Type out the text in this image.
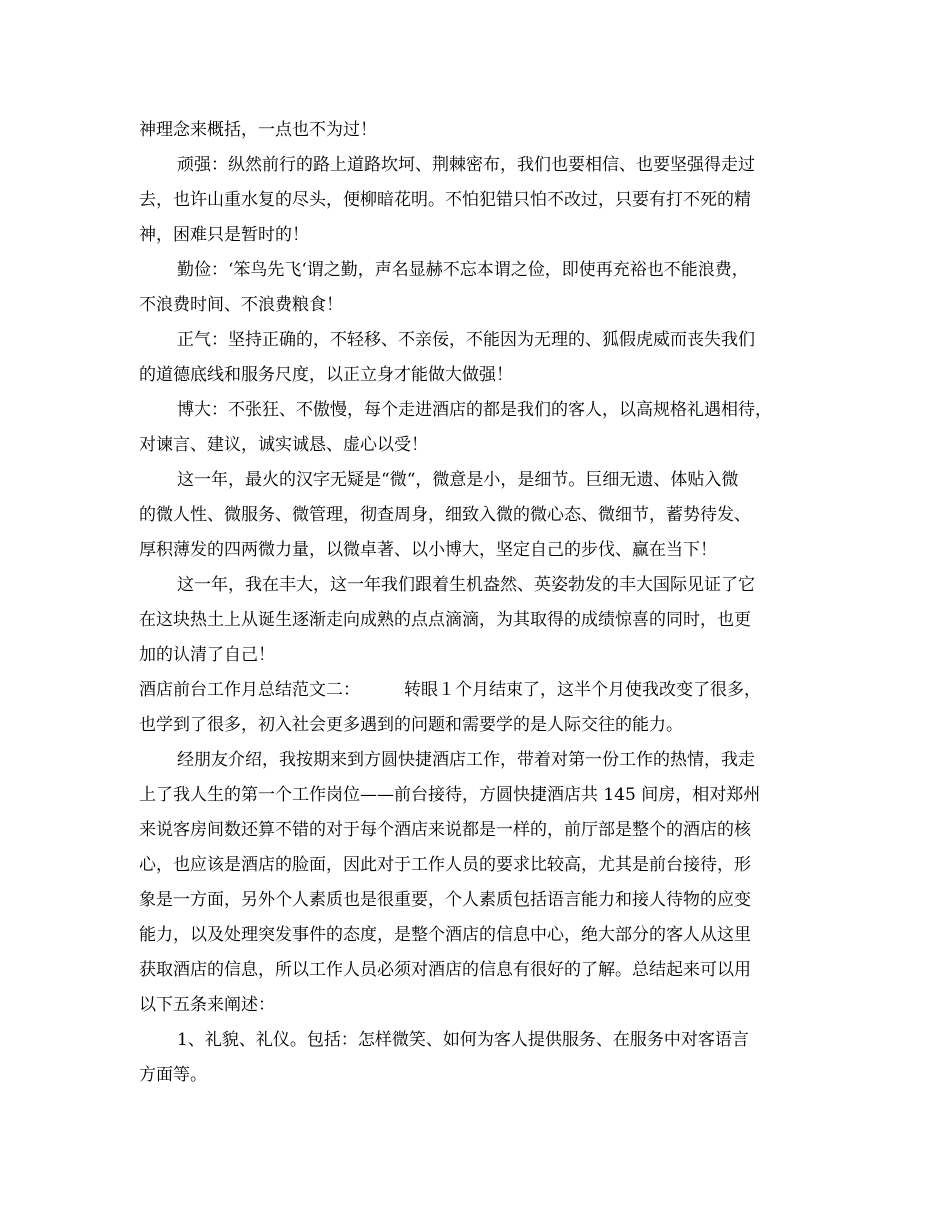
神理念来概括，一点也不为过！
顽强：纵然前行的路上道路坎坷、荆棘密布，我们也要相信、也要坚强得走过
去，也许山重水复的尽头，便柳暗花明。不怕犯错只怕不改过，只要有打不死的精
神，困难只是暂时的！
勤俭：‘笨鸟先飞‘谓之勤，声名显赫不忘本谓之俭，即使再充裕也不能浪费，
不浪费时间、不浪费粮食！
正气：坚持正确的，不轻移、不亲佞，不能因为无理的、狐假虎威而丧失我们
的道德底线和服务尺度，以正立身才能做大做强！
博大：不张狂、不傲慢，每个走进酒店的都是我们的客人，以高规格礼遇相待，
对谏言、建议，诚实诚恳、虚心以受！
这一年，最火的汉字无疑是“微“，微意是小，是细节。巨细无遗、体贴入微
的微人性、微服务、微管理，彻查周身，细致入微的微心态、微细节，蓄势待发、
厚积薄发的四两微力量，以微卓著、以小博大，坚定自己的步伐、赢在当下！
这一年，我在丰大，这一年我们跟着生机盎然、英姿勃发的丰大国际见证了它
在这块热土上从诞生逐渐走向成熟的点点滴滴，为其取得的成绩惊喜的同时，也更
加的认清了自己！
酒店前台工作月总结范文二：	转眼１个月结束了，这半个月使我改变了很多，
也学到了很多，初入社会更多遇到的问题和需要学的是人际交往的能力。
经朋友介绍，我按期来到方圆快捷酒店工作，带着对第一份工作的热情，我走
上了我人生的第一个工作岗位——前台接待，方圆快捷酒店共 145 间房，相对郑州
来说客房间数还算不错的对于每个酒店来说都是一样的，前厅部是整个的酒店的核
心，也应该是酒店的脸面，因此对于工作人员的要求比较高，尤其是前台接待，形
象是一方面，另外个人素质也是很重要，个人素质包括语言能力和接人待物的应变
能力，以及处理突发事件的态度，是整个酒店的信息中心，绝大部分的客人从这里
获取酒店的信息，所以工作人员必须对酒店的信息有很好的了解。总结起来可以用
以下五条来阐述：
1、礼貌、礼仪。包括：怎样微笑、如何为客人提供服务、在服务中对客语言
方面等。
